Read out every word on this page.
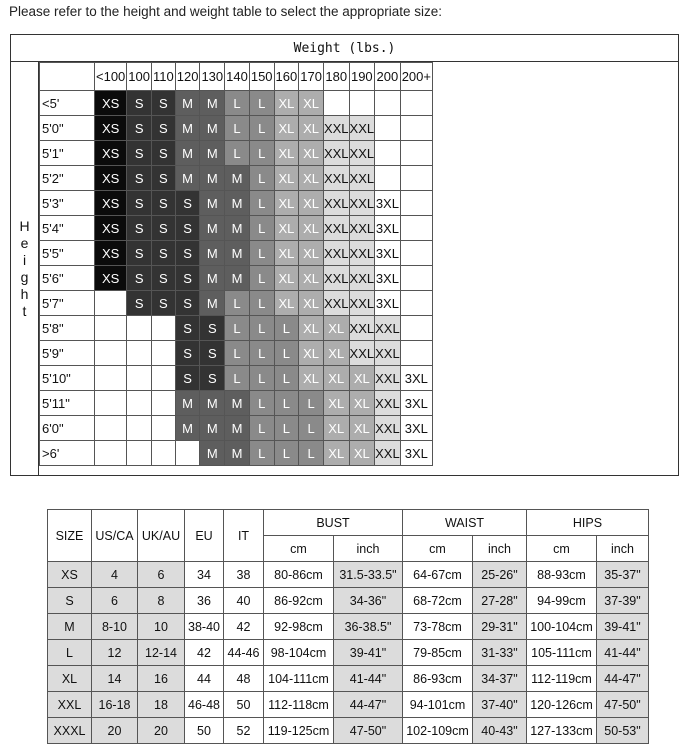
Please refer to the height and weight table to select the appropriate size:
Weight (lbs.)
Height
	<100	100	110	120	130	140	150	160	170	180	190	200	200+
<5'	XS	S	S	M	M	L	L	XL	XL				
5'0"	XS	S	S	M	M	L	L	XL	XL	XXL	XXL		
5'1"	XS	S	S	M	M	L	L	XL	XL	XXL	XXL		
5'2"	XS	S	S	M	M	M	L	XL	XL	XXL	XXL		
5'3"	XS	S	S	S	M	M	L	XL	XL	XXL	XXL	3XL	
5'4"	XS	S	S	S	M	M	L	XL	XL	XXL	XXL	3XL	
5'5"	XS	S	S	S	M	M	L	XL	XL	XXL	XXL	3XL	
5'6"	XS	S	S	S	M	M	L	XL	XL	XXL	XXL	3XL	
5'7"		S	S	S	M	L	L	XL	XL	XXL	XXL	3XL	
5'8"				S	S	L	L	L	XL	XL	XXL	XXL	
5'9"				S	S	L	L	L	XL	XL	XXL	XXL	
5'10"				S	S	L	L	L	XL	XL	XL	XXL	3XL
5'11"				M	M	M	L	L	L	XL	XL	XXL	3XL
6'0"				M	M	M	L	L	L	XL	XL	XXL	3XL
>6'					M	M	L	L	L	XL	XL	XXL	3XL
SIZE	US/CA	UK/AU	EU	IT	BUST		WAIST		HIPS	
					cm	inch	cm	inch	cm	inch
XS	4	6	34	38	80-86cm	31.5-33.5"	64-67cm	25-26"	88-93cm	35-37"
S	6	8	36	40	86-92cm	34-36"	68-72cm	27-28"	94-99cm	37-39"
M	8-10	10	38-40	42	92-98cm	36-38.5"	73-78cm	29-31"	100-104cm	39-41"
L	12	12-14	42	44-46	98-104cm	39-41"	79-85cm	31-33"	105-111cm	41-44"
XL	14	16	44	48	104-111cm	41-44"	86-93cm	34-37"	112-119cm	44-47"
XXL	16-18	18	46-48	50	112-118cm	44-47"	94-101cm	37-40"	120-126cm	47-50"
XXXL	20	20	50	52	119-125cm	47-50"	102-109cm	40-43"	127-133cm	50-53"
